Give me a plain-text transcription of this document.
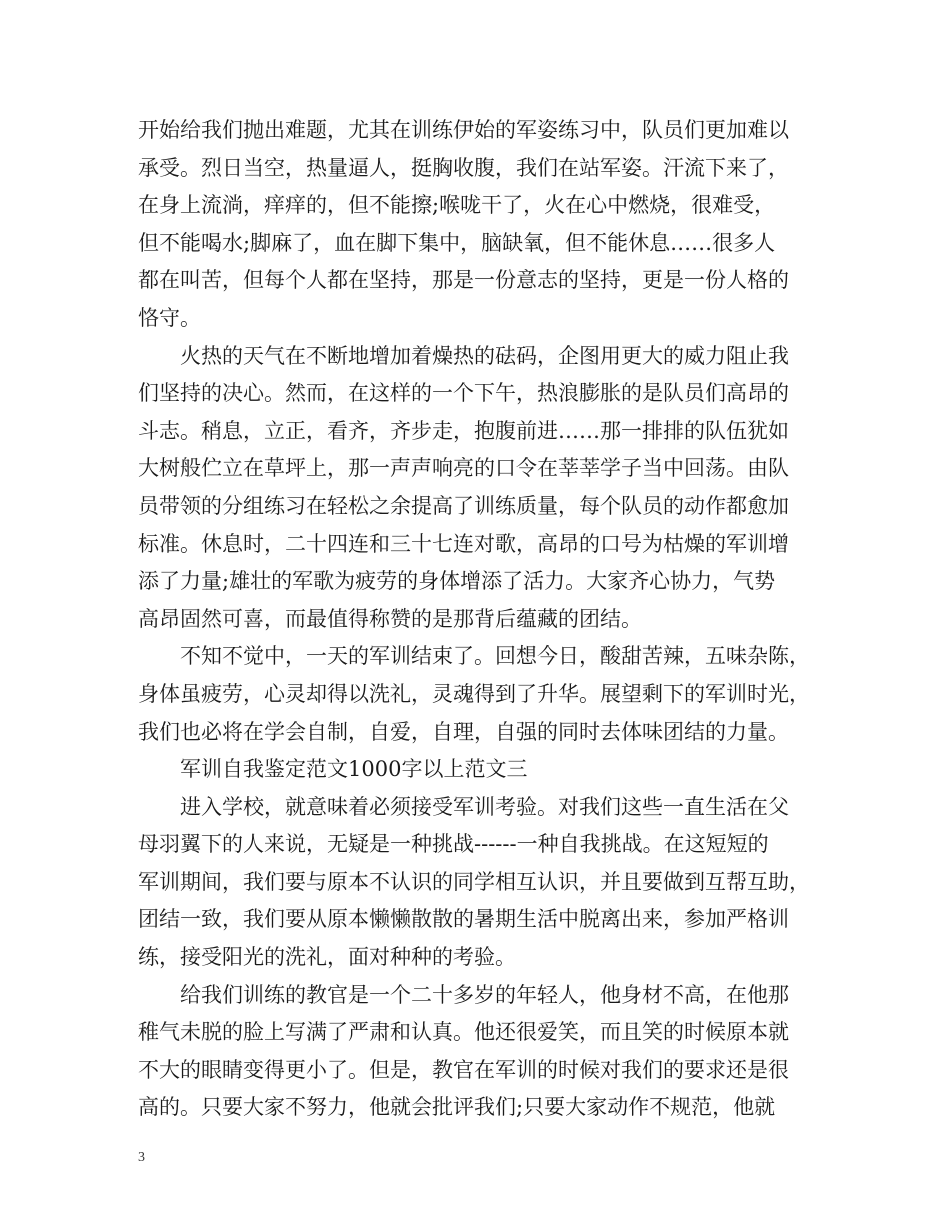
开始给我们抛出难题，尤其在训练伊始的军姿练习中，队员们更加难以
承受。烈日当空，热量逼人，挺胸收腹，我们在站军姿。汗流下来了，
在身上流淌，痒痒的，但不能擦;喉咙干了，火在心中燃烧，很难受，
但不能喝水;脚麻了，血在脚下集中，脑缺氧，但不能休息……很多人
都在叫苦，但每个人都在坚持，那是一份意志的坚持，更是一份人格的
恪守。
火热的天气在不断地增加着燥热的砝码，企图用更大的威力阻止我
们坚持的决心。然而，在这样的一个下午，热浪膨胀的是队员们高昂的
斗志。稍息，立正，看齐，齐步走，抱腹前进……那一排排的队伍犹如
大树般伫立在草坪上，那一声声响亮的口令在莘莘学子当中回荡。由队
员带领的分组练习在轻松之余提高了训练质量，每个队员的动作都愈加
标准。休息时，二十四连和三十七连对歌，高昂的口号为枯燥的军训增
添了力量;雄壮的军歌为疲劳的身体增添了活力。大家齐心协力，气势
高昂固然可喜，而最值得称赞的是那背后蕴藏的团结。
不知不觉中，一天的军训结束了。回想今日，酸甜苦辣，五味杂陈，
身体虽疲劳，心灵却得以洗礼，灵魂得到了升华。展望剩下的军训时光，
我们也必将在学会自制，自爱，自理，自强的同时去体味团结的力量。
军训自我鉴定范文1000字以上范文三
进入学校，就意味着必须接受军训考验。对我们这些一直生活在父
母羽翼下的人来说，无疑是一种挑战------一种自我挑战。在这短短的
军训期间，我们要与原本不认识的同学相互认识，并且要做到互帮互助，
团结一致，我们要从原本懒懒散散的暑期生活中脱离出来，参加严格训
练，接受阳光的洗礼，面对种种的考验。
给我们训练的教官是一个二十多岁的年轻人，他身材不高，在他那
稚气未脱的脸上写满了严肃和认真。他还很爱笑，而且笑的时候原本就
不大的眼睛变得更小了。但是，教官在军训的时候对我们的要求还是很
高的。只要大家不努力，他就会批评我们;只要大家动作不规范，他就
3
